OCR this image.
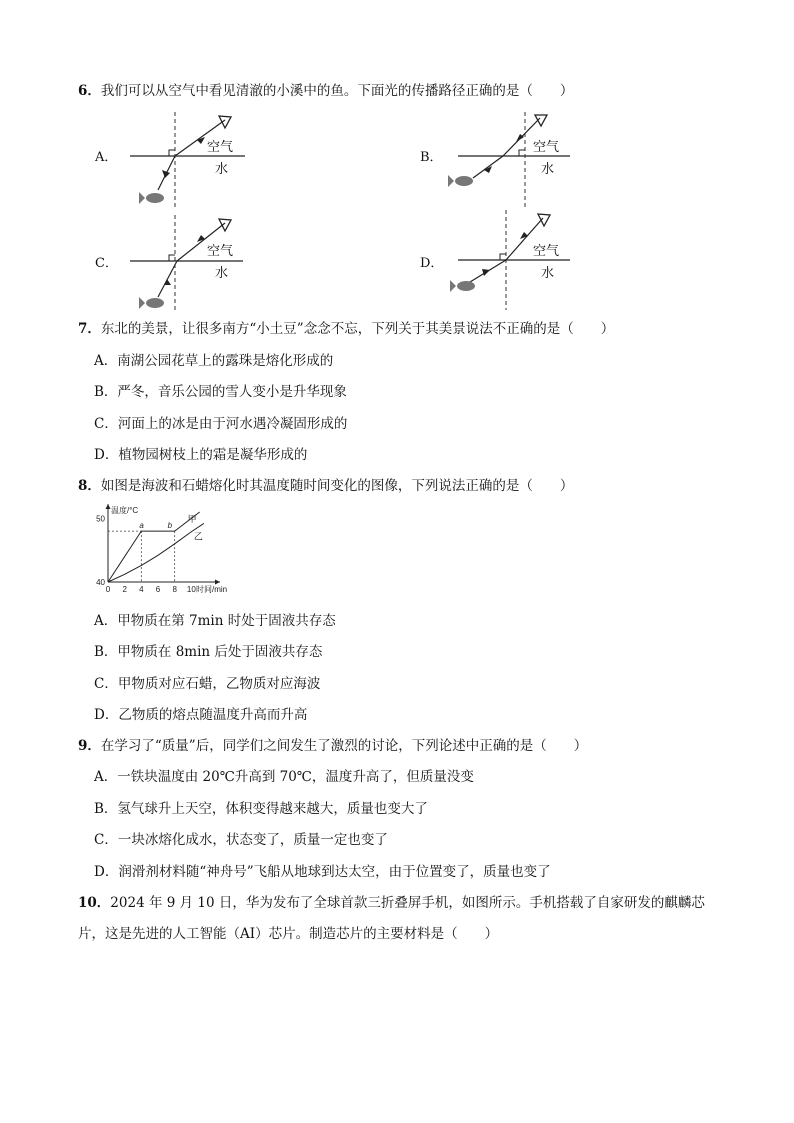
6．我们可以从空气中看见清澈的小溪中的鱼。下面光的传播路径正确的是（　　）
A．
空气
水
B．
空气
水
C．
空气
水
D．
空气
水
7．东北的美景，让很多南方“小土豆”念念不忘，下列关于其美景说法不正确的是（　　）
A．南湖公园花草上的露珠是熔化形成的
B．严冬，音乐公园的雪人变小是升华现象
C．河面上的冰是由于河水遇冷凝固形成的
D．植物园树枝上的霜是凝华形成的
8．如图是海波和石蜡熔化时其温度随时间变化的图像，下列说法正确的是（　　）
0 2 4 6 8 10
40
50
温度/°C
时间/min
甲
乙
a	b
A．甲物质在第 7min 时处于固液共存态
B．甲物质在 8min 后处于固液共存态
C．甲物质对应石蜡，乙物质对应海波
D．乙物质的熔点随温度升高而升高
9．在学习了“质量”后，同学们之间发生了激烈的讨论，下列论述中正确的是（　　）
A．一铁块温度由 20℃升高到 70℃，温度升高了，但质量没变
B．氢气球升上天空，体积变得越来越大，质量也变大了
C．一块冰熔化成水，状态变了，质量一定也变了
D．润滑剂材料随“神舟号”飞船从地球到达太空，由于位置变了，质量也变了
10．2024 年 9 月 10 日，华为发布了全球首款三折叠屏手机，如图所示。手机搭载了自家研发的麒麟芯
片，这是先进的人工智能（AI）芯片。制造芯片的主要材料是（　　）
